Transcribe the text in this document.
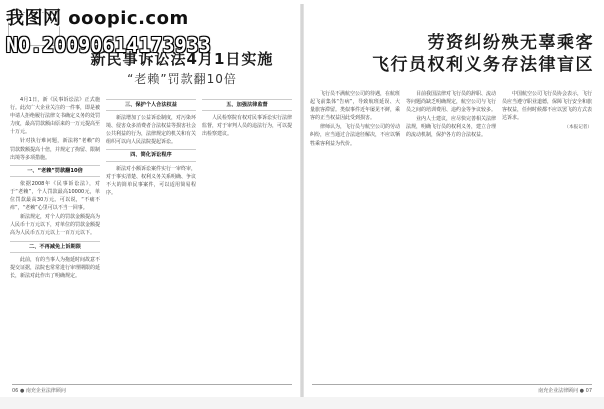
新民事诉讼法4月1日实施
“老赖”罚款翻10倍

4月1日，新《民事诉讼法》正式施行。此次广大企业关注的一件事，即是被申请人拒绝履行法律文书确定义务的处罚力度，最高罚款额由原来的一万元提高至十万元。

针对执行难问题，新法将“老赖”的罚款数额提高十倍，并规定了拘留、限制出境等多项措施。

一、“老赖”罚款翻10倍

依据2008年《民事诉讼法》，对于“老赖”，个人罚款最高10000元，单位罚款最高30万元。可以说，“不痛不痒”，“老赖”心里可以不当一回事。

新法规定，对个人的罚款金额提高为人民币十万元以下，对单位的罚款金额提高为人民币五万元以上一百万元以下。

二、不再减免上诉期限

此前，有的当事人为拖延时间故意不提交证据，法院也常常进行审理期限的延长，新法对此作出了明确规定。

三、保护个人合法权益

新法增加了公益诉讼制度，对污染环境、侵害众多消费者合法权益等损害社会公共利益的行为，法律规定的机关和有关组织可以向人民法院提起诉讼。

四、简化诉讼程序

新法对小额诉讼案件实行一审终审，对于事实清楚、权利义务关系明确、争议不大的简单民事案件，可以适用简易程序。

五、加强法律监督

人民检察院有权对民事诉讼实行法律监督，对于审判人员的违法行为，可以提出检察建议。

06 ● 南充企业法律顾问
劳资纠纷殃无辜乘客
飞行员权利义务存法律盲区

飞行员不满航空公司的待遇，在航班起飞前集体“告病”，导致航班延误、大量旅客滞留。类似事件近年屡见不鲜，乘客的正当权益因此受到损害。

律师认为，飞行员与航空公司的劳动纠纷，应当通过合法途径解决，不应以牺牲乘客利益为代价。

目前我国法律对飞行员的辞职、流动等问题尚缺乏明确规定，航空公司与飞行员之间的培训费用、违约金等争议较多。

业内人士建议，应尽快完善相关法律法规，明确飞行员的权利义务，建立合理的流动机制，保护各方的合法权益。

中国航空公司飞行员协会表示，飞行员应当遵守职业道德，保障飞行安全和旅客权益，任何时候都不应以罢飞的方式表达诉求。

（本报记者）
南充企业法律顾问 ● 07
我图网 ooopic.com
NO.20090614173933
